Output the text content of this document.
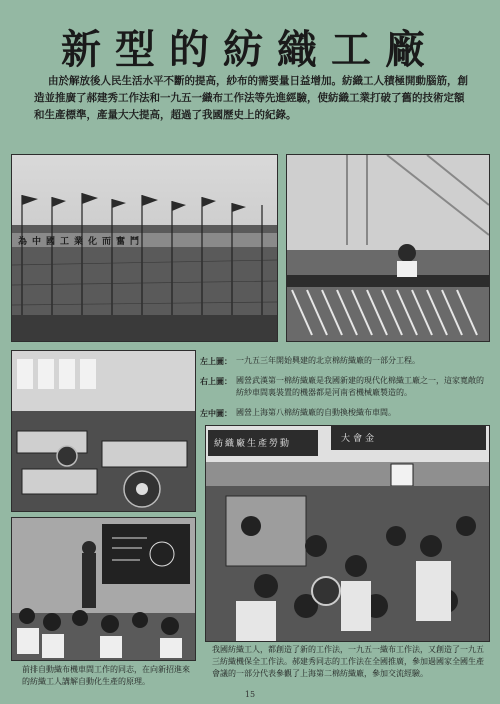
新型的紡織工廠
由於解放後人民生活水平不斷的提高，紗布的需要量日益增加。紡織工人積極開動腦筋，創造並推廣了郝建秀工作法和一九五一織布工作法等先進經驗，使紡織工業打破了舊的技術定額和生產標準，產量大大提高，超過了我國歷史上的紀錄。
為中國工業化而奮鬥
左上圖： 一九五三年開始興建的北京棉紡織廠的一部分工程。
右上圖： 國營武漢第一棉紡織廠是我國新建的現代化棉織工廠之一，這家寬敞的紡紗車間裏裝置的機器都是河南省機械廠製造的。
左中圖： 國營上海第八棉紡織廠的自動換梭織布車間。
前排自動織布機車間工作的同志，在向新招進來的紡織工人講解自動化生產的原理。
紡織廠生產勞動	大會金
我國紡織工人，都創造了新的工作法，一九五一織布工作法，又創造了一九五三紡織機保全工作法。郝建秀同志的工作法在全國推廣，參加過國家全國生產會議的一部分代表參觀了上海第二棉紡織廠，參加交流經驗。
15
